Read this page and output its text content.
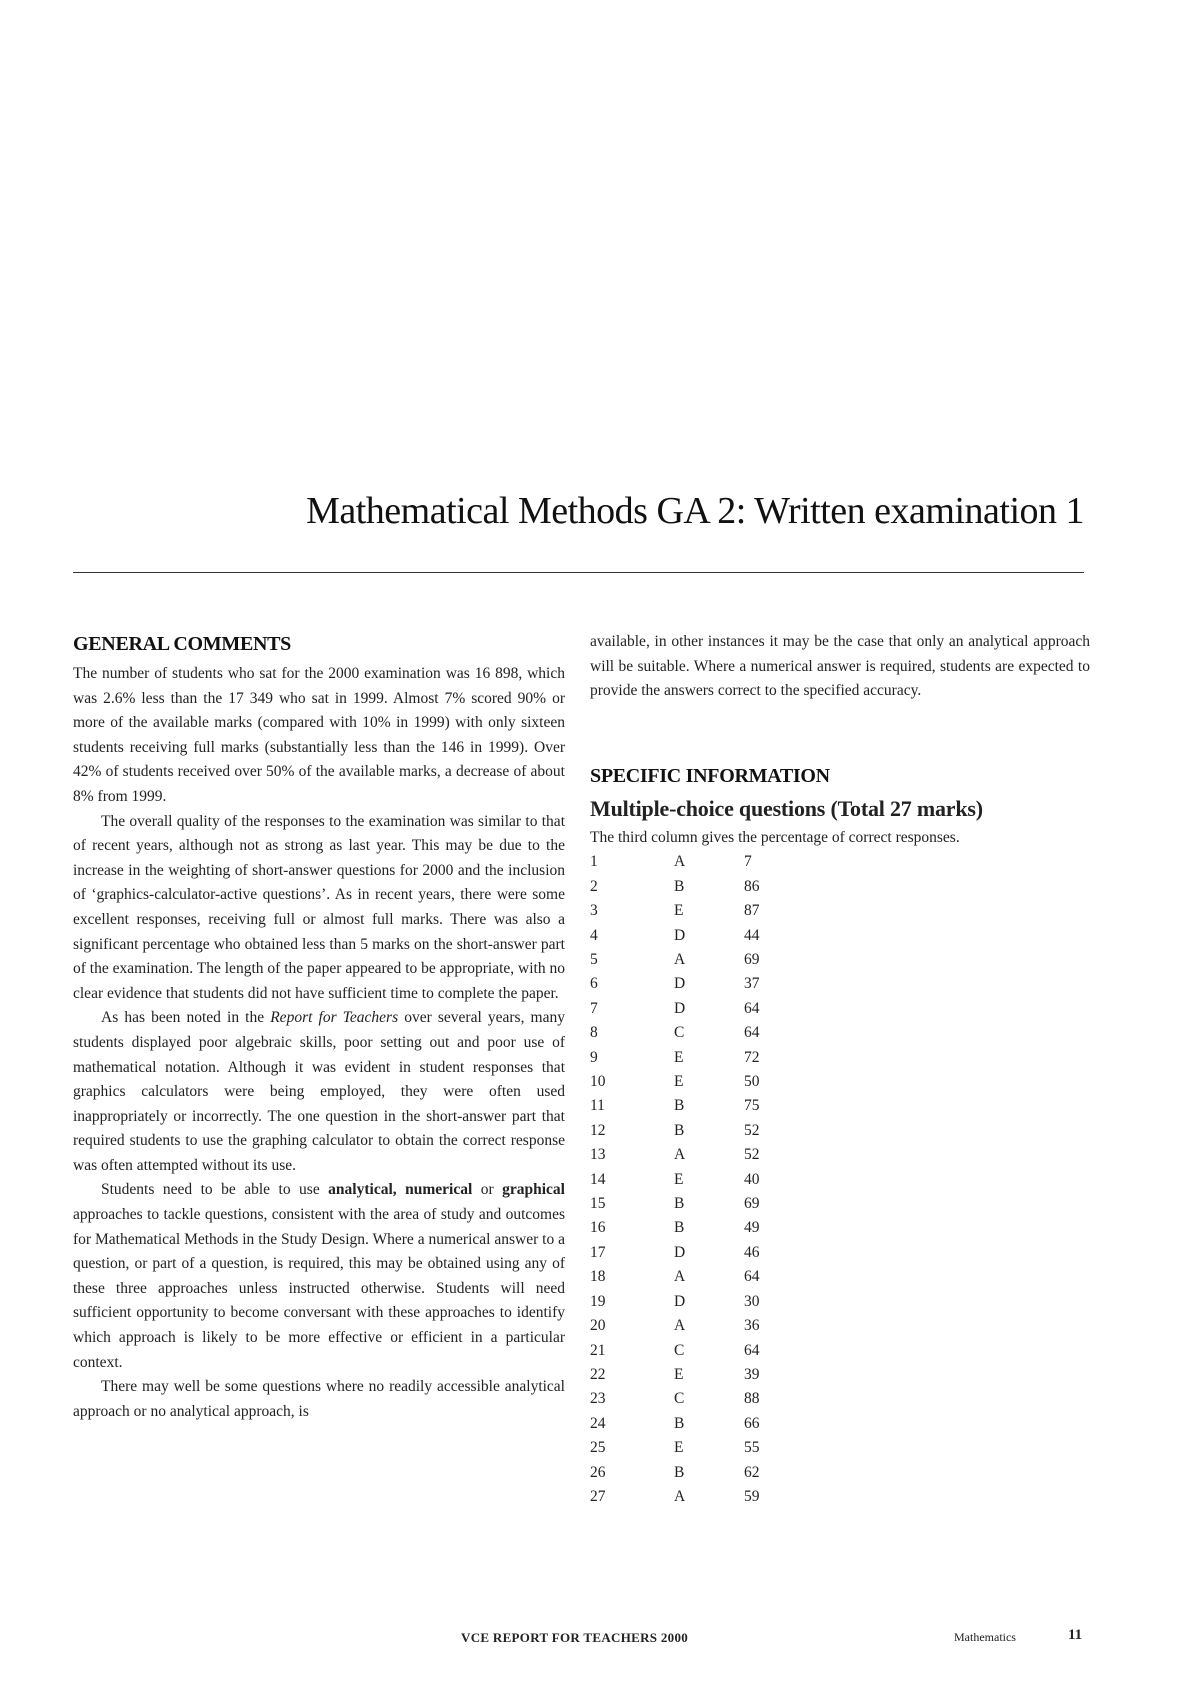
Mathematical Methods GA 2: Written examination 1
GENERAL COMMENTS

The number of students who sat for the 2000 examination was 16 898, which was 2.6% less than the 17 349 who sat in 1999. Almost 7% scored 90% or more of the available marks (compared with 10% in 1999) with only sixteen students receiving full marks (substantially less than the 146 in 1999). Over 42% of students received over 50% of the available marks, a decrease of about 8% from 1999.

The overall quality of the responses to the examination was similar to that of recent years, although not as strong as last year. This may be due to the increase in the weighting of short-answer questions for 2000 and the inclusion of ‘graphics-calculator-active questions’. As in recent years, there were some excellent responses, receiving full or almost full marks. There was also a significant percentage who obtained less than 5 marks on the short-answer part of the examination. The length of the paper appeared to be appropriate, with no clear evidence that students did not have sufficient time to complete the paper.

As has been noted in the Report for Teachers over several years, many students displayed poor algebraic skills, poor setting out and poor use of mathematical notation. Although it was evident in student responses that graphics calculators were being employed, they were often used inappropriately or incorrectly. The one question in the short-answer part that required students to use the graphing calculator to obtain the correct response was often attempted without its use.

Students need to be able to use analytical, numerical or graphical approaches to tackle questions, consistent with the area of study and outcomes for Mathematical Methods in the Study Design. Where a numerical answer to a question, or part of a question, is required, this may be obtained using any of these three approaches unless instructed otherwise. Students will need sufficient opportunity to become conversant with these approaches to identify which approach is likely to be more effective or efficient in a particular context.

There may well be some questions where no readily accessible analytical approach or no analytical approach, is

available, in other instances it may be the case that only an analytical approach will be suitable. Where a numerical answer is required, students are expected to provide the answers correct to the specified accuracy.

SPECIFIC INFORMATION
Multiple-choice questions (Total 27 marks)

The third column gives the percentage of correct responses.

1	A	7
2	B	86
3	E	87
4	D	44
5	A	69
6	D	37
7	D	64
8	C	64
9	E	72
10	E	50
11	B	75
12	B	52
13	A	52
14	E	40
15	B	69
16	B	49
17	D	46
18	A	64
19	D	30
20	A	36
21	C	64
22	E	39
23	C	88
24	B	66
25	E	55
26	B	62
27	A	59
VCE REPORT FOR TEACHERS 2000	Mathematics	11
